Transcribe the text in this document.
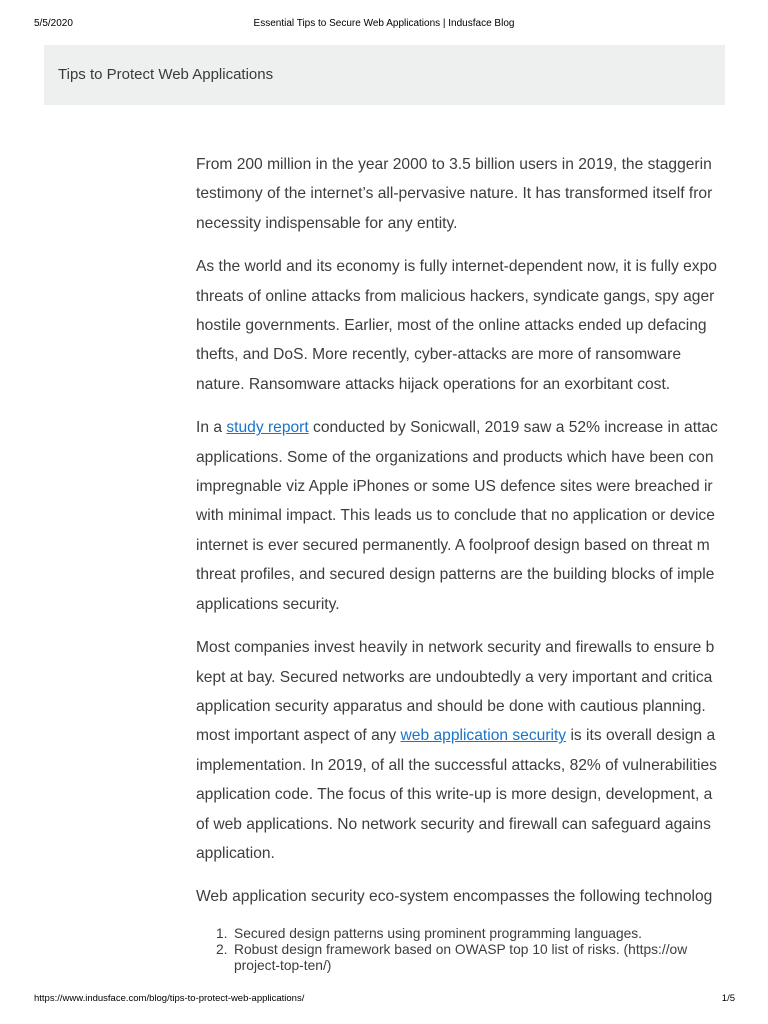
5/5/2020	Essential Tips to Secure Web Applications | Indusface Blog
Tips to Protect Web Applications

From 200 million in the year 2000 to 3.5 billion users in 2019, the staggerin
testimony of the internet’s all-pervasive nature. It has transformed itself fror
necessity indispensable for any entity.

As the world and its economy is fully internet-dependent now, it is fully expo
threats of online attacks from malicious hackers, syndicate gangs, spy ager
hostile governments. Earlier, most of the online attacks ended up defacing
thefts, and DoS. More recently, cyber-attacks are more of ransomware
nature. Ransomware attacks hijack operations for an exorbitant cost.

In a study report conducted by Sonicwall, 2019 saw a 52% increase in attac
applications. Some of the organizations and products which have been con
impregnable viz Apple iPhones or some US defence sites were breached ir
with minimal impact. This leads us to conclude that no application or device
internet is ever secured permanently. A foolproof design based on threat m
threat profiles, and secured design patterns are the building blocks of imple
applications security.

Most companies invest heavily in network security and firewalls to ensure b
kept at bay. Secured networks are undoubtedly a very important and critica
application security apparatus and should be done with cautious planning.
most important aspect of any web application security is its overall design a
implementation. In 2019, of all the successful attacks, 82% of vulnerabilities
application code. The focus of this write-up is more design, development, a
of web applications. No network security and firewall can safeguard agains
application.

Web application security eco-system encompasses the following technolog

1. Secured design patterns using prominent programming languages.
2. Robust design framework based on OWASP top 10 list of risks. (https://ow
project-top-ten/)
https://www.indusface.com/blog/tips-to-protect-web-applications/	1/5
